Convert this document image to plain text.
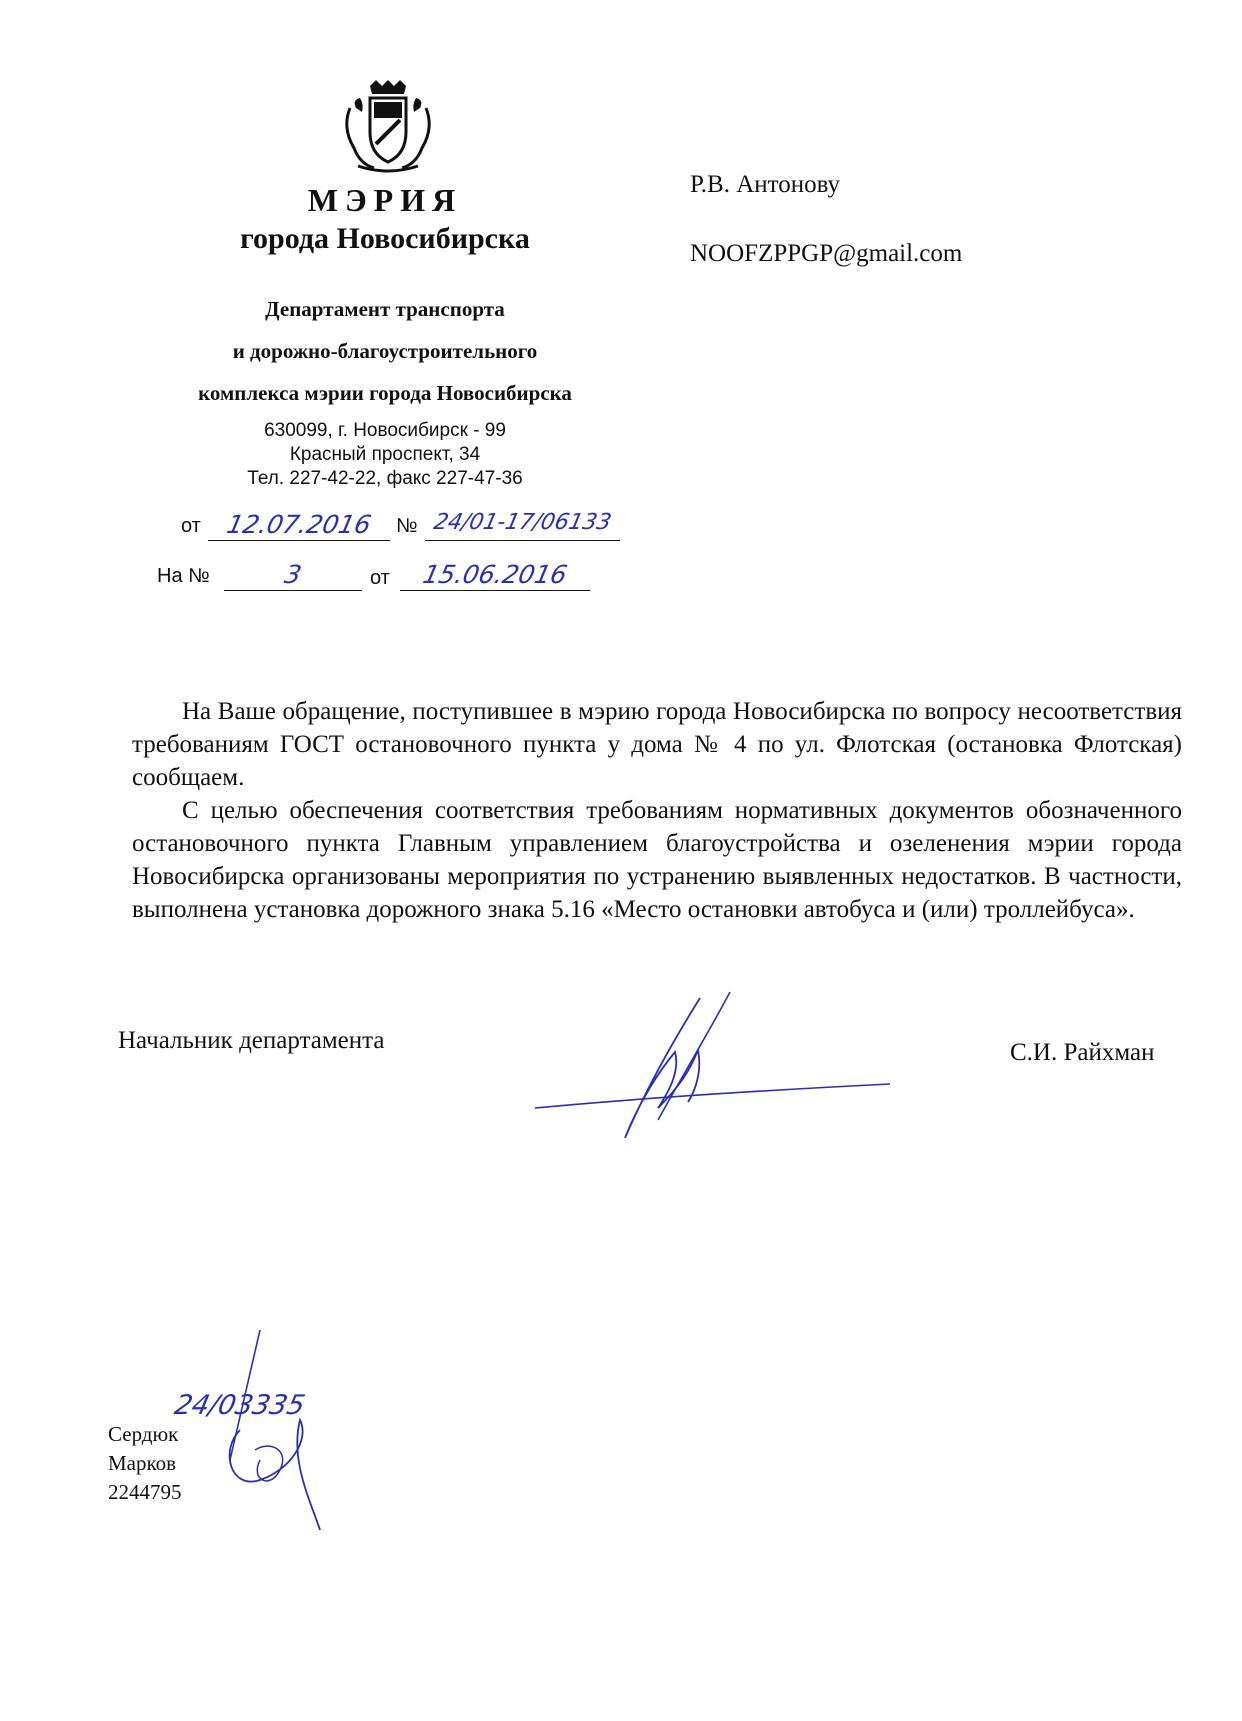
МЭРИЯ
города Новосибирска
Департамент транспорта
и дорожно-благоустроительного
комплекса мэрии города Новосибирска
630099, г. Новосибирск - 99
Красный проспект, 34
Тел. 227-42-22, факс 227-47-36
от 12.07.2016	№ 24/01-17/06133
На №	3	от	15.06.2016
Р.В. Антонову
NOOFZPPGP@gmail.com

На Ваше обращение, поступившее в мэрию города Новосибирска по вопросу несоответствия требованиям ГОСТ остановочного пункта у дома № 4 по ул. Флотская (остановка Флотская) сообщаем.

С целью обеспечения соответствия требованиям нормативных документов обозначенного остановочного пункта Главным управлением благоустройства и озеленения мэрии города Новосибирска организованы мероприятия по устранению выявленных недостатков. В частности, выполнена установка дорожного знака 5.16 «Место остановки автобуса и (или) троллейбуса».

Начальник департамента	С.И. Райхман
24/03335
Сердюк
Марков
2244795
